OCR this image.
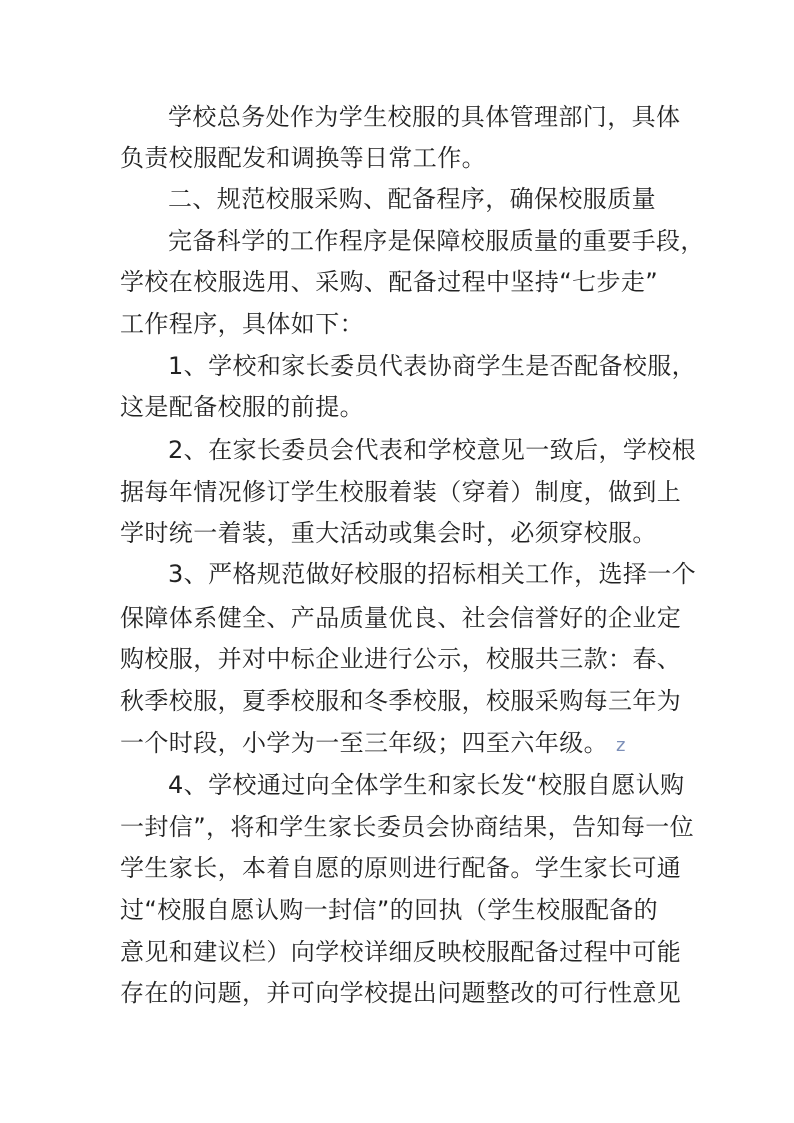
学校总务处作为学生校服的具体管理部门，具体
负责校服配发和调换等日常工作。
二、规范校服采购、配备程序，确保校服质量
完备科学的工作程序是保障校服质量的重要手段，
学校在校服选用、采购、配备过程中坚持“七步走”
工作程序，具体如下：
1、学校和家长委员代表协商学生是否配备校服，
这是配备校服的前提。
2、在家长委员会代表和学校意见一致后，学校根
据每年情况修订学生校服着装（穿着）制度，做到上
学时统一着装，重大活动或集会时，必须穿校服。
3、严格规范做好校服的招标相关工作，选择一个
保障体系健全、产品质量优良、社会信誉好的企业定
购校服，并对中标企业进行公示，校服共三款：春、
秋季校服，夏季校服和冬季校服，校服采购每三年为
一个时段，小学为一至三年级；四至六年级。 z
4、学校通过向全体学生和家长发“校服自愿认购
一封信”，将和学生家长委员会协商结果，告知每一位
学生家长，本着自愿的原则进行配备。学生家长可通
过“校服自愿认购一封信”的回执（学生校服配备的
意见和建议栏）向学校详细反映校服配备过程中可能
存在的问题，并可向学校提出问题整改的可行性意见
